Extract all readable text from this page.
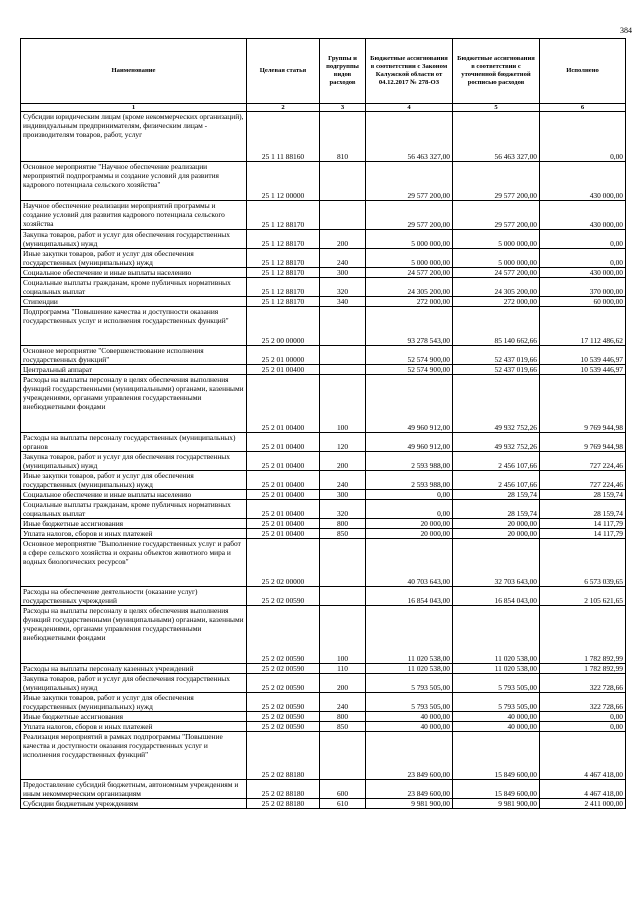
384
Наименование	Целевая статья	Группы и подгруппы видов расходов	Бюджетные ассигнования в соответствии с Законом Калужской области от 04.12.2017 № 278-ОЗ	Бюджетные ассигнования в соответствии с уточненной бюджетной росписью расходов	Исполнено
1	2	3	4	5	6
Субсидии юридическим лицам (кроме некоммерческих организаций), индивидуальным предпринимателям, физическим лицам - производителям товаров, работ, услуг	25 1 11 88160	810	56 463 327,00	56 463 327,00	0,00
Основное мероприятие "Научное обеспечение реализации мероприятий подпрограммы и создание условий для развития кадрового потенциала сельского хозяйства"	25 1 12 00000		29 577 200,00	29 577 200,00	430 000,00
Научное обеспечение реализации мероприятий программы и создание условий для развития кадрового потенциала сельского хозяйства	25 1 12 88170		29 577 200,00	29 577 200,00	430 000,00
Закупка товаров, работ и услуг для обеспечения государственных (муниципальных) нужд	25 1 12 88170	200	5 000 000,00	5 000 000,00	0,00
Иные закупки товаров, работ и услуг для обеспечения государственных (муниципальных) нужд	25 1 12 88170	240	5 000 000,00	5 000 000,00	0,00
Социальное обеспечение и иные выплаты населению	25 1 12 88170	300	24 577 200,00	24 577 200,00	430 000,00
Социальные выплаты гражданам, кроме публичных нормативных социальных выплат	25 1 12 88170	320	24 305 200,00	24 305 200,00	370 000,00
Стипендии	25 1 12 88170	340	272 000,00	272 000,00	60 000,00
Подпрограмма "Повышение качества и доступности оказания государственных услуг и исполнения государственных функций"	25 2 00 00000		93 278 543,00	85 140 662,66	17 112 486,62
Основное мероприятие "Совершенствование исполнения государственных функций"	25 2 01 00000		52 574 900,00	52 437 019,66	10 539 446,97
Центральный аппарат	25 2 01 00400		52 574 900,00	52 437 019,66	10 539 446,97
Расходы на выплаты персоналу в целях обеспечения выполнения функций государственными (муниципальными) органами, казенными учреждениями, органами управления государственными внебюджетными фондами	25 2 01 00400	100	49 960 912,00	49 932 752,26	9 769 944,98
Расходы на выплаты персоналу государственных (муниципальных) органов	25 2 01 00400	120	49 960 912,00	49 932 752,26	9 769 944,98
Закупка товаров, работ и услуг для обеспечения государственных (муниципальных) нужд	25 2 01 00400	200	2 593 988,00	2 456 107,66	727 224,46
Иные закупки товаров, работ и услуг для обеспечения государственных (муниципальных) нужд	25 2 01 00400	240	2 593 988,00	2 456 107,66	727 224,46
Социальное обеспечение и иные выплаты населению	25 2 01 00400	300	0,00	28 159,74	28 159,74
Социальные выплаты гражданам, кроме публичных нормативных социальных выплат	25 2 01 00400	320	0,00	28 159,74	28 159,74
Иные бюджетные ассигнования	25 2 01 00400	800	20 000,00	20 000,00	14 117,79
Уплата налогов, сборов и иных платежей	25 2 01 00400	850	20 000,00	20 000,00	14 117,79
Основное мероприятие "Выполнение государственных услуг и работ в сфере сельского хозяйства и охраны объектов животного мира и водных биологических ресурсов"	25 2 02 00000		40 703 643,00	32 703 643,00	6 573 039,65
Расходы на обеспечение деятельности (оказание услуг) государственных учреждений	25 2 02 00590		16 854 043,00	16 854 043,00	2 105 621,65
Расходы на выплаты персоналу в целях обеспечения выполнения функций государственными (муниципальными) органами, казенными учреждениями, органами управления государственными внебюджетными фондами	25 2 02 00590	100	11 020 538,00	11 020 538,00	1 782 892,99
Расходы на выплаты персоналу казенных учреждений	25 2 02 00590	110	11 020 538,00	11 020 538,00	1 782 892,99
Закупка товаров, работ и услуг для обеспечения государственных (муниципальных) нужд	25 2 02 00590	200	5 793 505,00	5 793 505,00	322 728,66
Иные закупки товаров, работ и услуг для обеспечения государственных (муниципальных) нужд	25 2 02 00590	240	5 793 505,00	5 793 505,00	322 728,66
Иные бюджетные ассигнования	25 2 02 00590	800	40 000,00	40 000,00	0,00
Уплата налогов, сборов и иных платежей	25 2 02 00590	850	40 000,00	40 000,00	0,00
Реализация мероприятий в рамках подпрограммы "Повышение качества и доступности оказания государственных услуг и исполнения государственных функций"	25 2 02 88180		23 849 600,00	15 849 600,00	4 467 418,00
Предоставление субсидий бюджетным, автономным учреждениям и иным некоммерческим организациям	25 2 02 88180	600	23 849 600,00	15 849 600,00	4 467 418,00
Субсидии бюджетным учреждениям	25 2 02 88180	610	9 981 900,00	9 981 900,00	2 411 000,00
